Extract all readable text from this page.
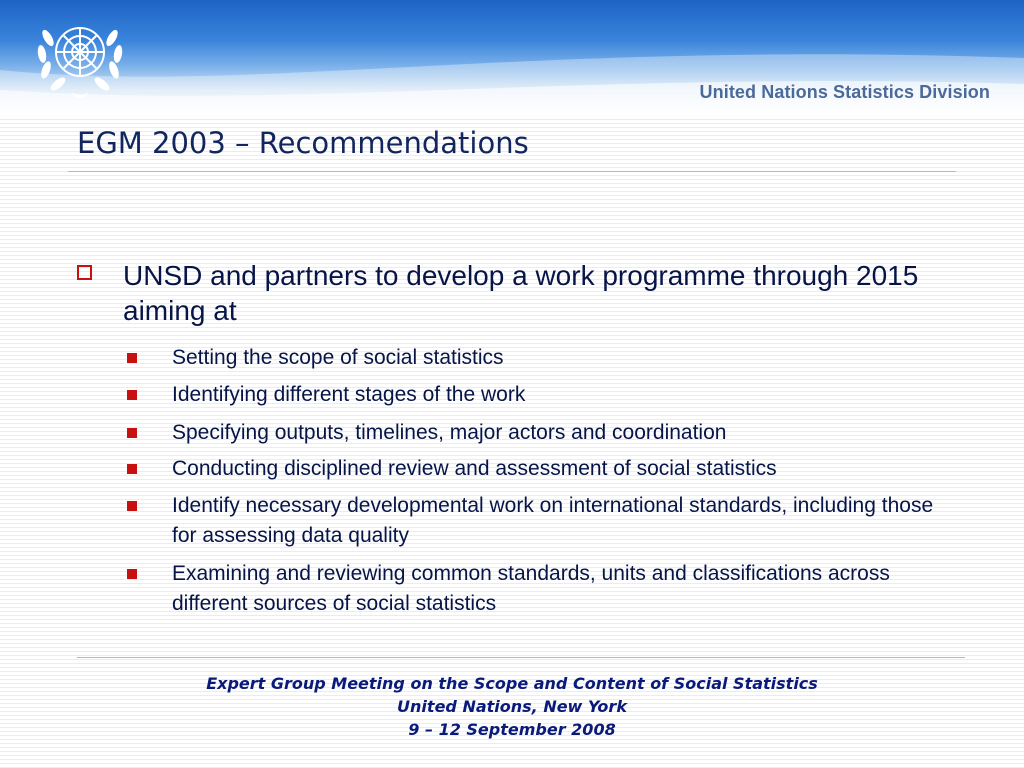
United Nations Statistics Division
EGM 2003 – Recommendations
UNSD and partners to develop a work programme through 2015 aiming at
Setting the scope of social statistics
Identifying different stages of the work
Specifying outputs, timelines, major actors and coordination
Conducting disciplined review and assessment of social statistics
Identify necessary developmental work on international standards, including those for assessing data quality
Examining and reviewing common standards, units and classifications across different sources of social statistics
Expert Group Meeting on the Scope and Content of Social Statistics
United Nations, New York
9 – 12 September 2008
